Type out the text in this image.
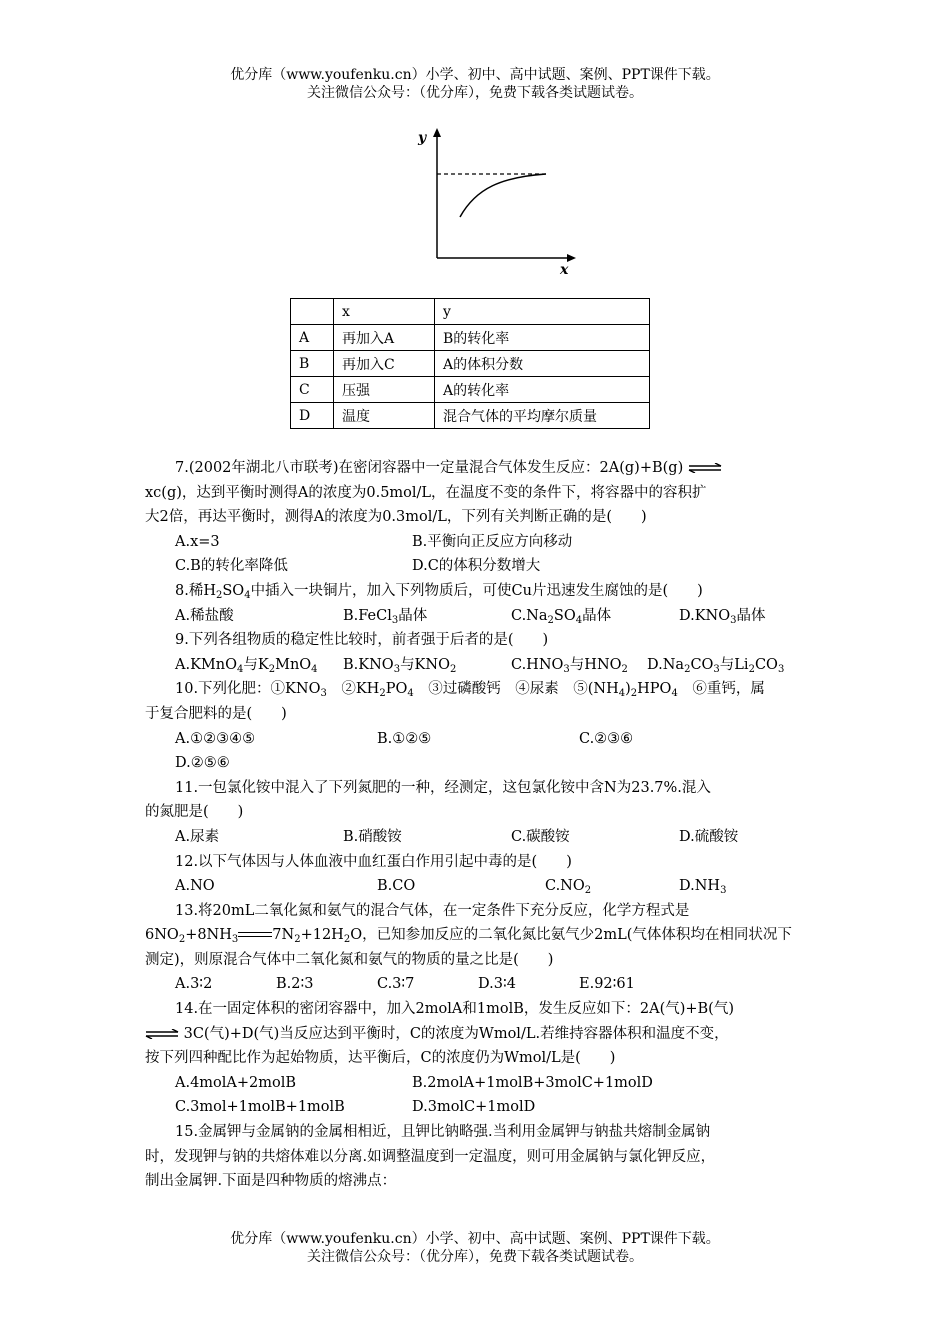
优分库（www.youfenku.cn）小学、初中、高中试题、案例、PPT课件下载。
关注微信公众号：（优分库），免费下载各类试题试卷。
y
x
	x	y
A	再加入A	B的转化率
B	再加入C	A的体积分数
C	压强	A的转化率
D	温度	混合气体的平均摩尔质量
7.(2002年湖北八市联考)在密闭容器中一定量混合气体发生反应：2A(g)+B(g) ⇌
xc(g)，达到平衡时测得A的浓度为0.5mol/L，在温度不变的条件下，将容器中的容积扩
大2倍，再达平衡时，测得A的浓度为0.3mol/L，下列有关判断正确的是(　　)
A.x=3	B.平衡向正反应方向移动
C.B的转化率降低	D.C的体积分数增大
8.稀$H_2SO_4$中插入一块铜片，加入下列物质后，可使Cu片迅速发生腐蚀的是(　　)
A.稀盐酸	B.FeCl$_3$晶体	$C.Na_2SO_4$晶体	$D.KNO_3$晶体
9.下列各组物质的稳定性比较时，前者强于后者的是(　　)
A.KMnO$_4$与$K_2MnO_4$ $B.KNO_3$与$KNO_2$	$C.HNO_3$与$HNO_2$ $D.Na_2CO_3$与$Li_2CO_3$
10.下列化肥：$①KNO_3$　$②KH_2PO_4$　③过磷酸钙　④尿素　$⑤(NH_4)_2HPO_4$　⑥重钙，属
于复合肥料的是(　　)
A.①②③④⑤	B.①②⑤	C.②③⑥
D.②⑤⑥
11.一包氯化铵中混入了下列氮肥的一种，经测定，这包氯化铵中含N为23.7%.混入
的氮肥是(　　)
A.尿素	B.硝酸铵	C.碳酸铵	D.硫酸铵
12.以下气体因与人体血液中血红蛋白作用引起中毒的是(　　)
A.NO	B.CO	$C.NO_2$	$D.NH_3$
13.将20mL二氧化氮和氨气的混合气体，在一定条件下充分反应，化学方程式是
$6NO_2+8NH_3$ $7N_2+12H_2O$，已知参加反应的二氧化氮比氨气少2mL(气体体积均在相同状况下
测定)，则原混合气体中二氧化氮和氨气的物质的量之比是(　　)
A.3∶2	B.2∶3	C.3∶7	D.3∶4	E.92∶61
14.在一固定体积的密闭容器中，加入2molA和1molB，发生反应如下：2A(气)+B(气)
⇌ 3C(气)+D(气)当反应达到平衡时，C的浓度为Wmol/L.若维持容器体积和温度不变，
按下列四种配比作为起始物质，达平衡后，C的浓度仍为Wmol/L是(　　)
A.4molA+2molB	B.2molA+1molB+3molC+1molD
C.3mol+1molB+1molB	D.3molC+1molD
15.金属钾与金属钠的金属相相近，且钾比钠略强.当利用金属钾与钠盐共熔制金属钠
时，发现钾与钠的共熔体难以分离.如调整温度到一定温度，则可用金属钠与氯化钾反应，
制出金属钾.下面是四种物质的熔沸点：
优分库（www.youfenku.cn）小学、初中、高中试题、案例、PPT课件下载。
关注微信公众号：（优分库），免费下载各类试题试卷。
